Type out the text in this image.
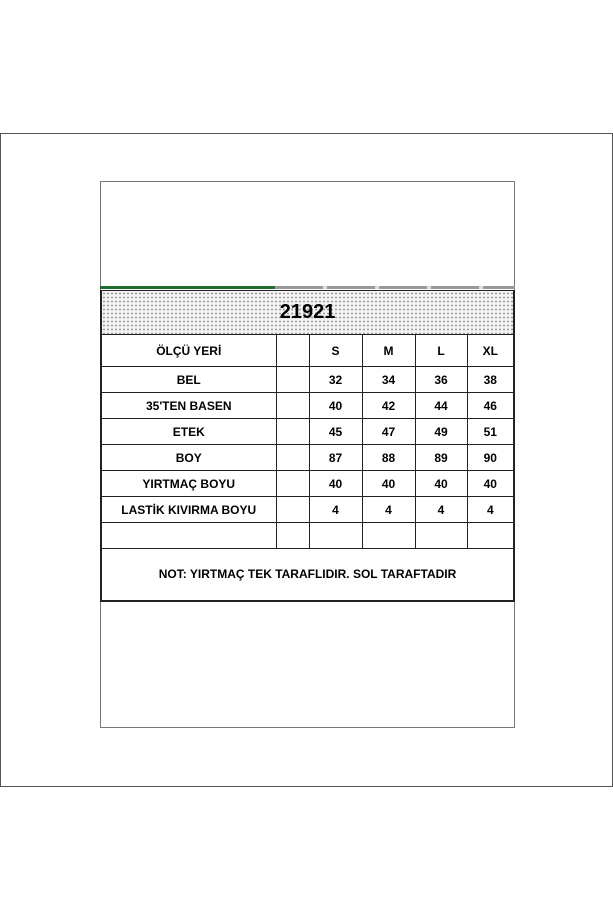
21921					
ÖLÇÜ YERİ		S	M	L	XL
BEL		32	34	36	38
35'TEN BASEN		40	42	44	46
ETEK		45	47	49	51
BOY		87	88	89	90
YIRTMAÇ BOYU		40	40	40	40
LASTİK KIVIRMA BOYU		4	4	4	4

NOT: YIRTMAÇ TEK TARAFLIDIR. SOL TARAFTADIR					
